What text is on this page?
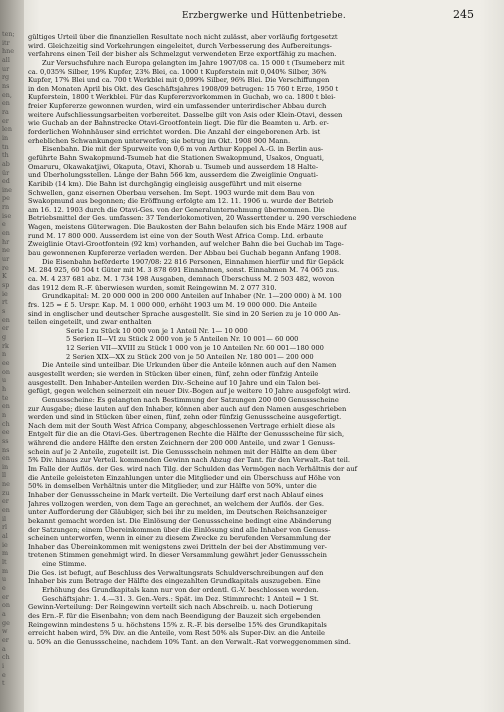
ten;
itr
hne
all
ur
rg
ns
en,
en
ra
er
len
in
tn
th
ab
ür
ed
ine
pe
rn
ise
e
en
hr
ne
ur
re
K
sp
ie
rt
s
en
er
g
rk
n
ee
on
u
h
te
en
n
ch
ee
ss
ns
en
in
ll
ne
zu
er
en
il
rl
al
ie
m
lt
m
u
e
er
on
a
ge
w
er
a
ch
i
e
t
Erzbergwerke und Hüttenbetriebe.	245
gültiges Urteil über die finanziellen Resultate noch nicht zulässt, aber vorläufig fortgesetzt
wird. Gleichzeitig sind Vorkehrungen eingeleitet, durch Verbesserung des Aufbereitungs-
verfahrens einen Teil der bisher als Schmelzgut verwendeten Erze exportfähig zu machen.
Zur Versuchsfuhre nach Europa gelangten im Jahre 1907/08 ca. 15 000 t (Tsumeberz mit
ca. 0,035% Silber, 19% Kupfer, 23% Blei, ca. 1000 t Kupferstein mit 0,040% Silber, 36%
Kupfer, 17% Blei und ca. 700 t Werkblei mit 0,099% Silber, 96% Blei. Die Verschiffungen
in den Monaten April bis Okt. des Geschäftsjahres 1908/09 betrugen: 15 760 t Erze, 1950 t
Kupferstein, 1800 t Werkblei. Für das Kupfererzvorkommen in Guchab, wo ca. 1800 t blei-
freier Kupfererze gewonnen wurden, wird ein umfassender unterirdischer Abbau durch
weitere Aufschliessungsarbeiten vorbereitet. Dasselbe gilt von Asis oder Klein-Otavi, dessen
wie Guchab an der Bahnstrecke Otavi-Grootfontein liegt. Die für die Beamten u. Arb. er-
forderlichen Wohnhäuser sind errichtet worden. Die Anzahl der eingeborenen Arb. ist
erheblichen Schwankungen unterworfen; sie betrug im Okt. 1908 900 Mann.
Eisenbahn. Die mit der Spurweite von 0,6 m von Arthur Koppel A.-G. in Berlin aus-
geführte Bahn Swakopmund-Tsumeb hat die Stationen Swakopmund, Usakos, Onguati,
Omaruru, Okawakatjiwi, Okaputa, Otavi, Khorab u. Tsumeb und ausserdem 18 Halte-
und Überholungsstellen. Länge der Bahn 566 km, ausserdem die Zweiglinie Onguati-
Karibib (14 km). Die Bahn ist durchgängig eingleisig ausgeführt und mit eiserne
Schwellen, ganz eisernen Oberbau versehen. Im Sept. 1903 wurde mit dem Bau von
Swakopmund aus begonnen; die Eröffnung erfolgte am 12. 11. 1906 u. wurde der Betrieb
am 16. 12. 1903 durch die Otavi-Ges. von der Generalunternehmung übernommen. Die
Betriebsmittel der Ges. umfassen: 37 Tenderlokomotiven, 20 Wasserttender u. 290 verschiedene
Wagen, meistens Güterwagen. Die Baukosten der Bahn belaufen sich bis Ende März 1908 auf
rund M. 17 800 000. Ausserdem ist eine von der South West Africa Comp. Ltd. erbaute
Zweiglinie Otavi-Grootfontein (92 km) vorhanden, auf welcher Bahn die bei Guchab im Tage-
bau gewonnenen Kupfererze verladen werden. Der Abbau bei Guchab begann Anfang 1908.
Die Eisenbahn beförderte 1907/08: 22 816 Personen, Einnahmen hierfür und für Gepäck
M. 284 925, 60 504 t Güter mit M. 3 878 691 Einnahmen, sonst. Einnahmen M. 74 065 zus.
ca. M. 4 237 681 abz. M. 1 734 198 Ausgaben, demnach Überschuss M. 2 503 482, wovon
das 1912 dem R.-F. überwiesen wurden, somit Reingewinn M. 2 077 310.
Grundkapital: M. 20 000 000 in 200 000 Anteilen auf Inhaber (Nr. 1—200 000) à M. 100
frs. 125 = £ 5. Urspr. Kap. M. 1 000 000, erhöht 1903 um M. 19 000 000. Die Anteile
sind in englischer und deutscher Sprache ausgestellt. Sie sind in 20 Serien zu je 10 000 An-
teilen eingeteilt, und zwar enthalten
Serie I zu Stück 10 000 von je 1 Anteil Nr. 1— 10 000
5 Serien II—VI zu Stück 2 000 von je 5 Anteilen Nr. 10 001— 60 000
12 Serien VII—XVIII zu Stück 1 000 von je 10 Anteilen Nr. 60 001—180 000
2 Serien XIX—XX zu Stück 200 von je 50 Anteilen Nr. 180 001— 200 000
Die Anteile sind unteilbar. Die Urkunden über die Anteile können auch auf den Namen
ausgestellt werden; sie werden in Stücken über einen, fünf, zehn oder fünfzig Anteile
ausgestellt. Den Inhaber-Anteilen werden Div.-Scheine auf 10 Jahre und ein Talon bei-
gefügt, gegen welchen seinerzeit ein neuer Div.-Bogen auf je weitere 10 Jahre ausgefolgt wird.
Genussscheine: Es gelangten nach Bestimmung der Satzungen 200 000 Genussscheine
zur Ausgabe; diese lauten auf den Inhaber, können aber auch auf den Namen ausgeschrieben
werden und sind in Stücken über einen, fünf, zehn oder fünfzig Genussscheine ausgefertigt.
Nach dem mit der South West Africa Company, abgeschlossenen Vertrage erhielt diese als
Entgelt für die an die Otavi-Ges. übertragenen Rechte die Hälfte der Genussscheine für sich,
während die andere Hälfte den ersten Zeichnern der 200 000 Anteile, und zwar 1 Genuss-
schein auf je 2 Anteile, zugeteilt ist. Die Genussschein nehmen mit der Hälfte an dem über
5% Div. hinaus zur Verteil. kommenden Gewinn nach Abzug der Tant. für den Verwalt.-Rat teil.
Im Falle der Auflös. der Ges. wird nach Tilg. der Schulden das Vermögen nach Verhältnis der auf
die Anteile geleisteten Einzahlungen unter die Mitglieder und ein Überschuss auf Höhe von
50% in demselben Verhältnis unter die Mitglieder, und zur Hälfte von 50%, unter die
Inhaber der Genussscheine in Mark verteilt. Die Verteilung darf erst nach Ablauf eines
Jahres vollzogen werden, von dem Tage an gerechnet, an welchem der Auflös. der Ges.
unter Aufforderung der Gläubiger, sich bei ihr zu melden, im Deutschen Reichsanzeiger
bekannt gemacht worden ist. Die Einlösung der Genussscheine bedingt eine Abänderung
der Satzungen; einem Übereinkommen über die Einlösung sind alle Inhaber von Genuss-
scheinen unterworfen, wenn in einer zu diesem Zwecke zu berufenden Versammlung der
Inhaber das Übereinkommen mit wenigstens zwei Dritteln der bei der Abstimmung ver-
tretenen Stimmen genehmigt wird. In dieser Versammlung gewährt jeder Genussschein
eine Stimme.
Die Ges. ist befugt, auf Beschluss des Verwaltungsrats Schuldverschreibungen auf den
Inhaber bis zum Betrage der Hälfte des eingezahlten Grundkapitals auszugeben. Eine
Erhöhung des Grundkapitals kann nur von der ordentl. G.-V. beschlossen werden.
Geschäftsjahr: 1. 4.—31. 3. Gen.-Vers.: Spät. im Dez. Stimmrecht: 1 Anteil = 1 St.
Gewinn-Verteilung: Der Reingewinn verteilt sich nach Abschreib. u. nach Dotierung
des Ern.-F. für die Eisenbahn; von dem nach Beendigung der Bauzeit sich ergebenden
Reingewinn mindestens 5 u. höchstens 15% z. R.-F. bis derselbe 15% des Grundkapitals
erreicht haben wird, 5% Div. an die Anteile, vom Rest 50% als Super-Div. an die Anteile
u. 50% an die Genussscheine, nachdem 10% Tant. an den Verwalt.-Rat vorweggenommen sind.
